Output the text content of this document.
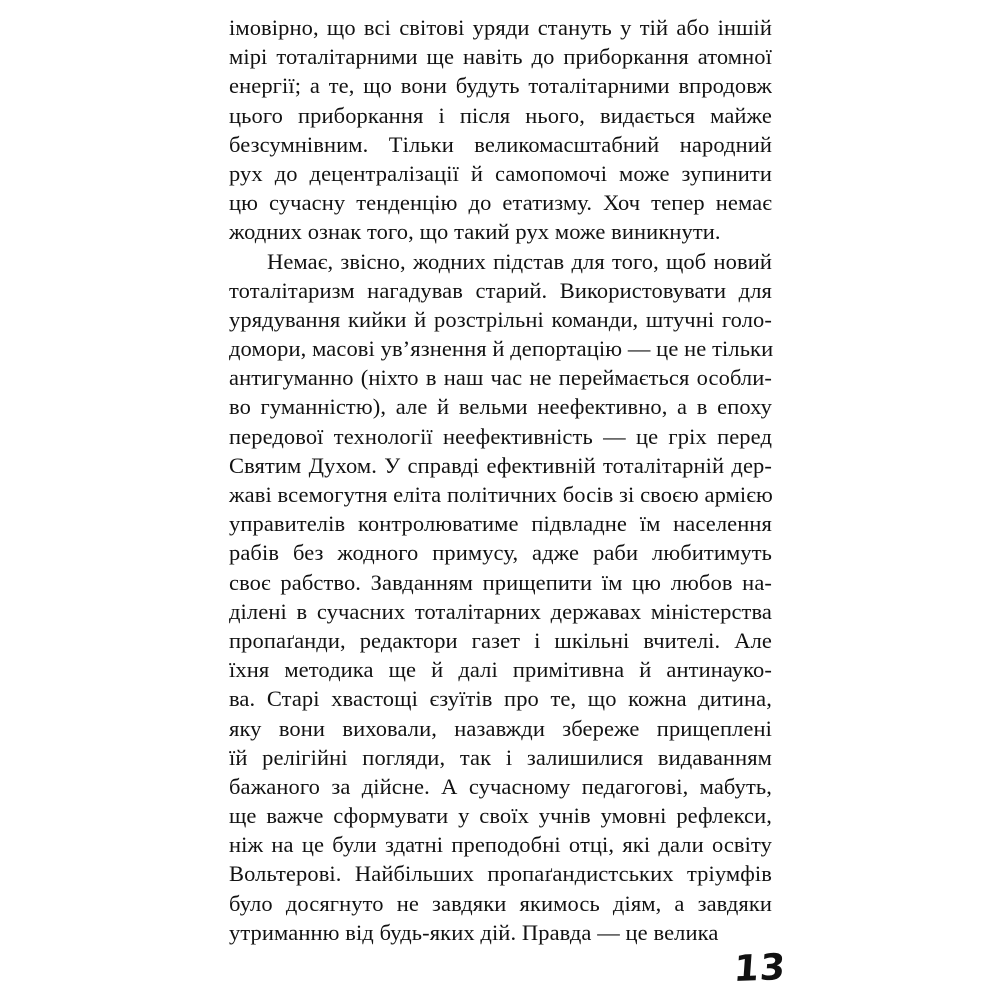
імовірно, що всі світові уряди стануть у тій або іншій
мірі тоталітарними ще навіть до приборкання атомної
енергії; а те, що вони будуть тоталітарними впродовж
цього приборкання і після нього, видається майже
безсумнівним. Тільки великомасштабний народний
рух до децентралізації й самопомочі може зупинити
цю сучасну тенденцію до етатизму. Хоч тепер немає
жодних ознак того, що такий рух може виникнути.
Немає, звісно, жодних підстав для того, щоб новий
тоталітаризм нагадував старий. Використовувати для
урядування кийки й розстрільні команди, штучні голо-
домори, масові ув’язнення й депортацію — це не тільки
антигуманно (ніхто в наш час не переймається особли-
во гуманністю), але й вельми неефективно, а в епоху
передової технології неефективність — це гріх перед
Святим Духом. У справді ефективній тоталітарній дер-
жаві всемогутня еліта політичних босів зі своєю армією
управителів контролюватиме підвладне їм населення
рабів без жодного примусу, адже раби любитимуть
своє рабство. Завданням прищепити їм цю любов на-
ділені в сучасних тоталітарних державах міністерства
пропаґанди, редактори газет і шкільні вчителі. Але
їхня методика ще й далі примітивна й антинауко-
ва. Старі хвастощі єзуїтів про те, що кожна дитина,
яку вони виховали, назавжди збереже прищеплені
їй релігійні погляди, так і залишилися видаванням
бажаного за дійсне. А сучасному педагогові, мабуть,
ще важче сформувати у своїх учнів умовні рефлекси,
ніж на це були здатні преподобні отці, які дали освіту
Вольтерові. Найбільших пропаґандистських тріумфів
було досягнуто не завдяки якимось діям, а завдяки
утриманню від будь-яких дій. Правда — це велика
13
